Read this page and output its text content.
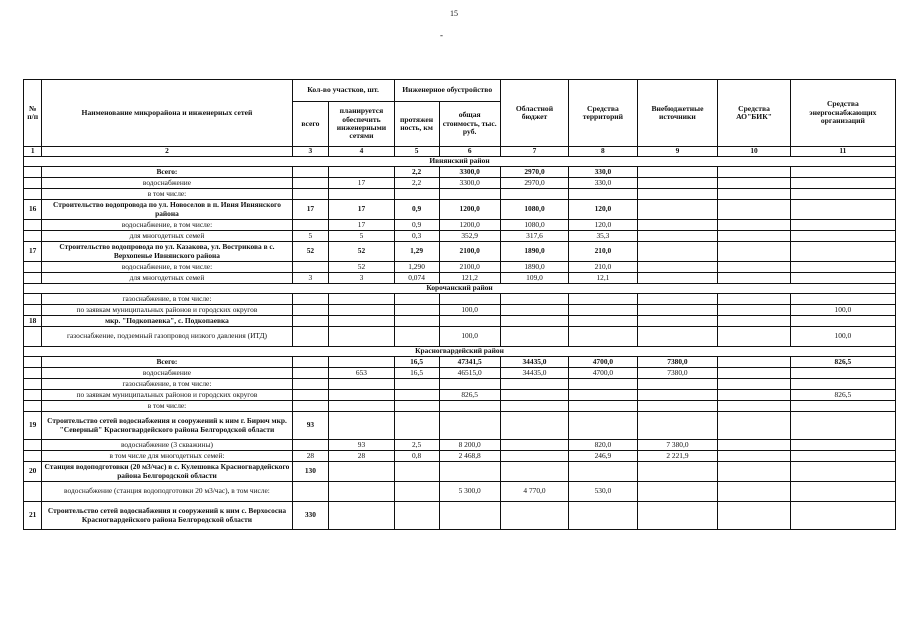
15
-
№ п/п	Наименование микрорайона и инженерных сетей	Кол-во участков, шт.		Инженерное обустройство		Областной бюджет	Средства территорий	Внебюджетные источники	Средства АО"БИК"	Средства энергоснабжающих организаций
		всего	планируется обеспечить инженерными сетями	протяжен ность, км	общая стоимость, тыс. руб.					
1	2	3	4	5	6	7	8	9	10	11
Ивнянский район										
	Всего:			2,2	3300,0	2970,0	330,0			
	водоснабжение		17	2,2	3300,0	2970,0	330,0			
	в том числе:									
16	Строительство водопровода по ул. Новоселов в п. Ивня Ивнянского района	17	17	0,9	1200,0	1080,0	120,0			
	водоснабжение, в том числе:		17	0,9	1200,0	1080,0	120,0			
	для многодетных семей	5	5	0,3	352,9	317,6	35,3			
17	Строительство водопровода по ул. Казакова, ул. Вострикова в с. Верхопенье Ивнянского района	52	52	1,29	2100,0	1890,0	210,0			
	водоснабжение, в том числе:		52	1,290	2100,0	1890,0	210,0			
	для многодетных семей	3	3	0,074	121,2	109,0	12,1			
Корочанский район										
	газоснабжение, в том числе:									
	по заявкам муниципальных районов и городских округов				100,0					100,0
18	мкр. "Подкопаевка", с. Подкопаевка									
	газоснабжение, подземный газопровод низкого давления (ИТД)				100,0					100,0
Красногвардейский район										
	Всего:			16,5	47341,5	34435,0	4700,0	7380,0		826,5
	водоснабжение		653	16,5	46515,0	34435,0	4700,0	7380,0		
	газоснабжение, в том числе:									
	по заявкам муниципальных районов и городских округов				826,5					826,5
	в том числе:									
19	Строительство сетей водоснабжения и сооружений к ним г. Бирюч мкр. "Северный" Красногвардейского района Белгородской области	93								
	водоснабжение (3 скважины)		93	2,5	8 200,0		820,0	7 380,0		
	в том числе для многодетных семей:	28	28	0,8	2 468,8		246,9	2 221,9		
20	Станция водоподготовки (20 м3/час) в с. Кулешовка Красногвардейского района Белгородской области	130								
	водоснабжение (станция водоподготовки 20 м3/час), в том числе:				5 300,0	4 770,0	530,0			
21	Строительство сетей водоснабжения и сооружений к ним с. Верхососна Красногвардейского района Белгородской области	330								
